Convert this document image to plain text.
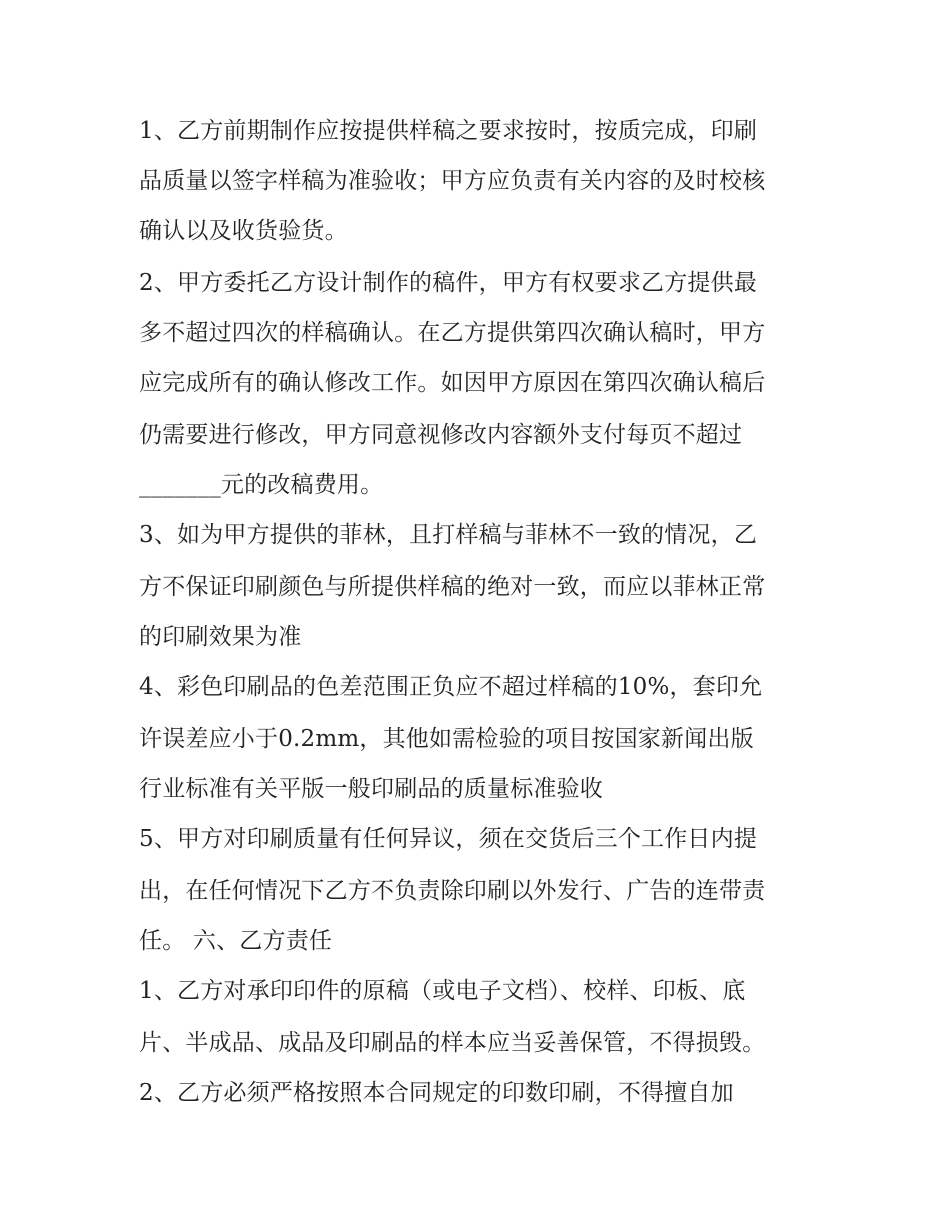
1、乙方前期制作应按提供样稿之要求按时，按质完成，印刷
品质量以签字样稿为准验收；甲方应负责有关内容的及时校核
确认以及收货验货。
2、甲方委托乙方设计制作的稿件，甲方有权要求乙方提供最
多不超过四次的样稿确认。在乙方提供第四次确认稿时，甲方
应完成所有的确认修改工作。如因甲方原因在第四次确认稿后
仍需要进行修改，甲方同意视修改内容额外支付每页不超过
_______元的改稿费用。
3、如为甲方提供的菲林，且打样稿与菲林不一致的情况，乙
方不保证印刷颜色与所提供样稿的绝对一致，而应以菲林正常
的印刷效果为准
4、彩色印刷品的色差范围正负应不超过样稿的10%，套印允
许误差应小于0.2mm，其他如需检验的项目按国家新闻出版
行业标准有关平版一般印刷品的质量标准验收
5、甲方对印刷质量有任何异议，须在交货后三个工作日内提
出，在任何情况下乙方不负责除印刷以外发行、广告的连带责
任。 六、乙方责任
1、乙方对承印印件的原稿（或电子文档）、校样、印板、底
片、半成品、成品及印刷品的样本应当妥善保管，不得损毁。
2、乙方必须严格按照本合同规定的印数印刷，不得擅自加
